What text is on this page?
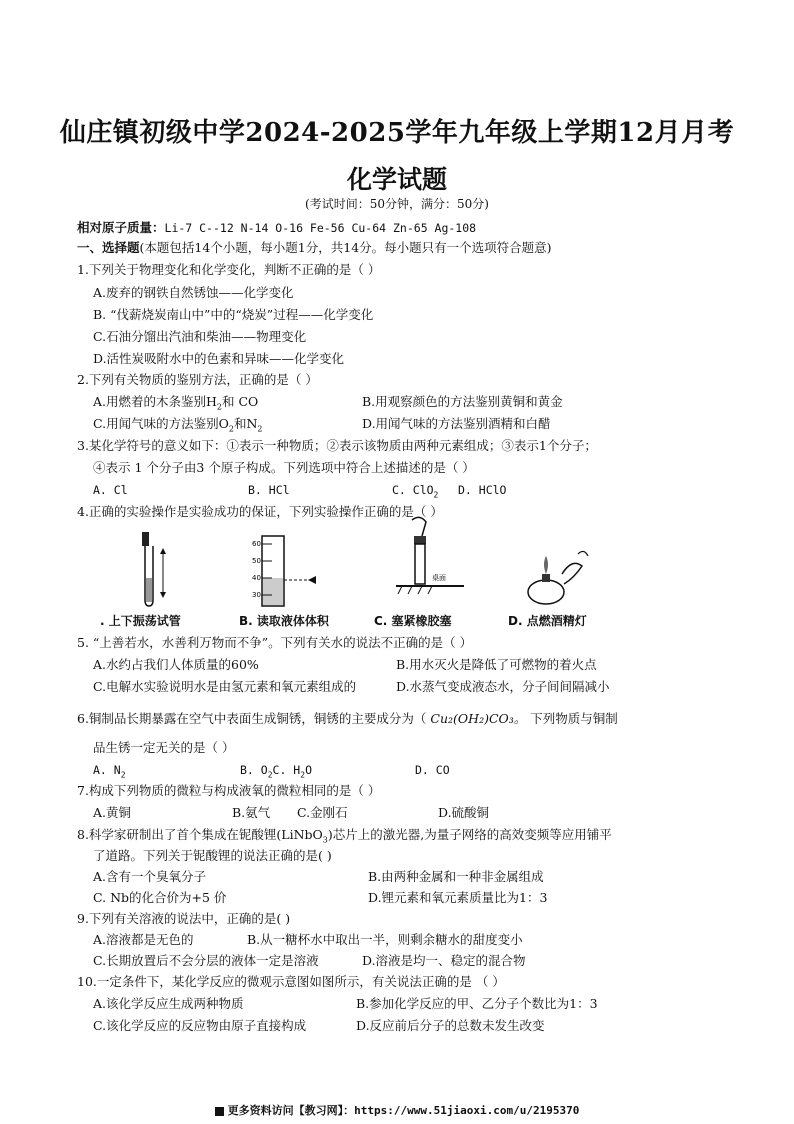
仙庄镇初级中学2024-2025学年九年级上学期12月月考
化学试题
(考试时间：50分钟，满分：50分)
相对原子质量：Li-7 C--12 N-14 O-16 Fe-56 Cu-64 Zn-65 Ag-108
一、选择题(本题包括14个小题，每小题1分，共14分。每小题只有一个选项符合题意)
1.下列关于物理变化和化学变化，判断不正确的是（ ）
A.废弃的钢铁自然锈蚀——化学变化
B. “伐薪烧炭南山中”中的“烧炭”过程——化学变化
C.石油分馏出汽油和柴油——物理变化
D.活性炭吸附水中的色素和异味——化学变化
2.下列有关物质的鉴别方法，正确的是（ ）
A.用燃着的木条鉴别$H_2$和 CO	B.用观察颜色的方法鉴别黄铜和黄金
C.用闻气味的方法鉴别$O_2$和$N_2$	D.用闻气味的方法鉴别酒精和白醋
3.某化学符号的意义如下：①表示一种物质；②表示该物质由两种元素组成；③表示1个分子；
④表示 1 个分子由3 个原子构成。下列选项中符合上述描述的是（ ）
A. Cl	B. HCl	C. ClO$_2$ D. HClO
4.正确的实验操作是实验成功的保证，下列实验操作正确的是（ ）
. 上下振荡试管
60
50
40
30
B. 读取液体体积
桌面
C. 塞紧橡胶塞	D. 点燃酒精灯
5. “上善若水，水善利万物而不争”。下列有关水的说法不正确的是（ ）
A.水约占我们人体质量的60%	B.用水灭火是降低了可燃物的着火点
C.电解水实验说明水是由氢元素和氧元素组成的	D.水蒸气变成液态水，分子间间隔减小
6.铜制品长期暴露在空气中表面生成铜锈，铜锈的主要成分为（ Cu₂(OH₂)CO₃。 下列物质与铜制
品生锈一定无关的是（ ）
A. $N_2$	B. $O_2C$. $H_2O$	D. CO
7.构成下列物质的微粒与构成液氧的微粒相同的是（ ）
A.黄铜	B.氨气 C.金刚石	D.硫酸铜
8.科学家研制出了首个集成在铌酸锂(LiNbO$_3$)芯片上的激光器,为量子网络的高效变频等应用铺平
了道路。下列关于铌酸锂的说法正确的是( )
A.含有一个臭氧分子	B.由两种金属和一种非金属组成
C. Nb的化合价为+5 价	D.锂元素和氧元素质量比为1：3
9.下列有关溶液的说法中，正确的是( )
A.溶液都是无色的	B.从一糖杯水中取出一半，则剩余糖水的甜度变小
C.长期放置后不会分层的液体一定是溶液	D.溶液是均一、稳定的混合物
10.一定条件下，某化学反应的微观示意图如图所示，有关说法正确的是 （ ）
A.该化学反应生成两种物质	B.参加化学反应的甲、乙分子个数比为1：3
C.该化学反应的反应物由原子直接构成	D.反应前后分子的总数未发生改变
更多资料访问【教习网】：https://www.51jiaoxi.com/u/2195370
